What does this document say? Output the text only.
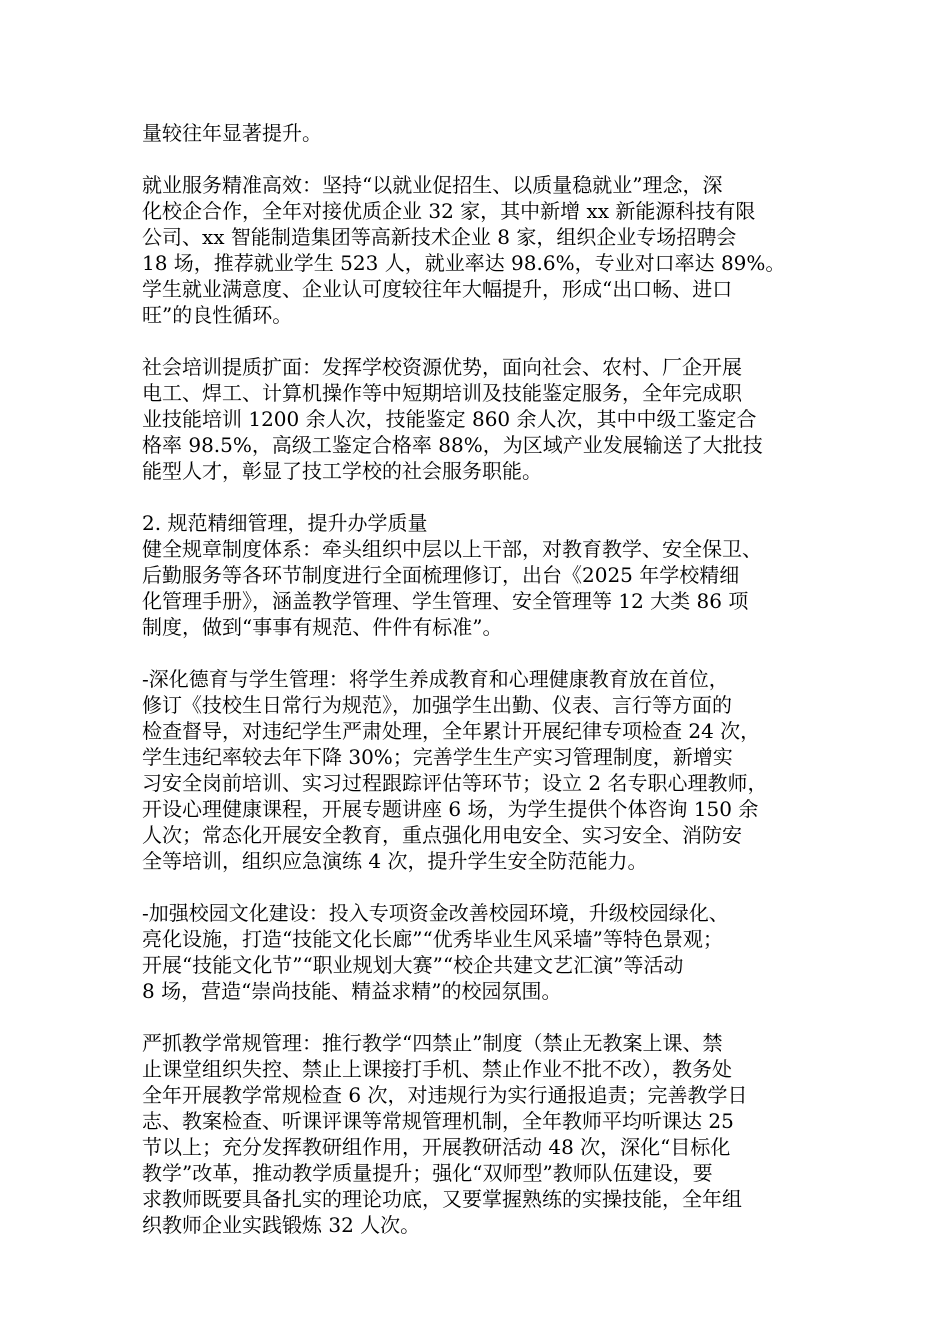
量较往年显著提升。

就业服务精准高效：坚持“以就业促招生、以质量稳就业”理念，深
化校企合作，全年对接优质企业 32 家，其中新增 xx 新能源科技有限
公司、xx 智能制造集团等高新技术企业 8 家，组织企业专场招聘会
18 场，推荐就业学生 523 人，就业率达 98.6%，专业对口率达 89%。
学生就业满意度、企业认可度较往年大幅提升，形成“出口畅、进口
旺”的良性循环。

社会培训提质扩面：发挥学校资源优势，面向社会、农村、厂企开展
电工、焊工、计算机操作等中短期培训及技能鉴定服务，全年完成职
业技能培训 1200 余人次，技能鉴定 860 余人次，其中中级工鉴定合
格率 98.5%，高级工鉴定合格率 88%，为区域产业发展输送了大批技
能型人才，彰显了技工学校的社会服务职能。

2. 规范精细管理，提升办学质量

健全规章制度体系：牵头组织中层以上干部，对教育教学、安全保卫、
后勤服务等各环节制度进行全面梳理修订，出台《2025 年学校精细
化管理手册》，涵盖教学管理、学生管理、安全管理等 12 大类 86 项
制度，做到“事事有规范、件件有标准”。

-深化德育与学生管理：将学生养成教育和心理健康教育放在首位，
修订《技校生日常行为规范》，加强学生出勤、仪表、言行等方面的
检查督导，对违纪学生严肃处理，全年累计开展纪律专项检查 24 次，
学生违纪率较去年下降 30%；完善学生生产实习管理制度，新增实
习安全岗前培训、实习过程跟踪评估等环节；设立 2 名专职心理教师，
开设心理健康课程，开展专题讲座 6 场，为学生提供个体咨询 150 余
人次；常态化开展安全教育，重点强化用电安全、实习安全、消防安
全等培训，组织应急演练 4 次，提升学生安全防范能力。

-加强校园文化建设：投入专项资金改善校园环境，升级校园绿化、
亮化设施，打造“技能文化长廊”“优秀毕业生风采墙”等特色景观；
开展“技能文化节”“职业规划大赛”“校企共建文艺汇演”等活动
8 场，营造“崇尚技能、精益求精”的校园氛围。

严抓教学常规管理：推行教学“四禁止”制度（禁止无教案上课、禁
止课堂组织失控、禁止上课接打手机、禁止作业不批不改），教务处
全年开展教学常规检查 6 次，对违规行为实行通报追责；完善教学日
志、教案检查、听课评课等常规管理机制，全年教师平均听课达 25
节以上；充分发挥教研组作用，开展教研活动 48 次，深化“目标化
教学”改革，推动教学质量提升；强化“双师型”教师队伍建设，要
求教师既要具备扎实的理论功底，又要掌握熟练的实操技能，全年组
织教师企业实践锻炼 32 人次。
